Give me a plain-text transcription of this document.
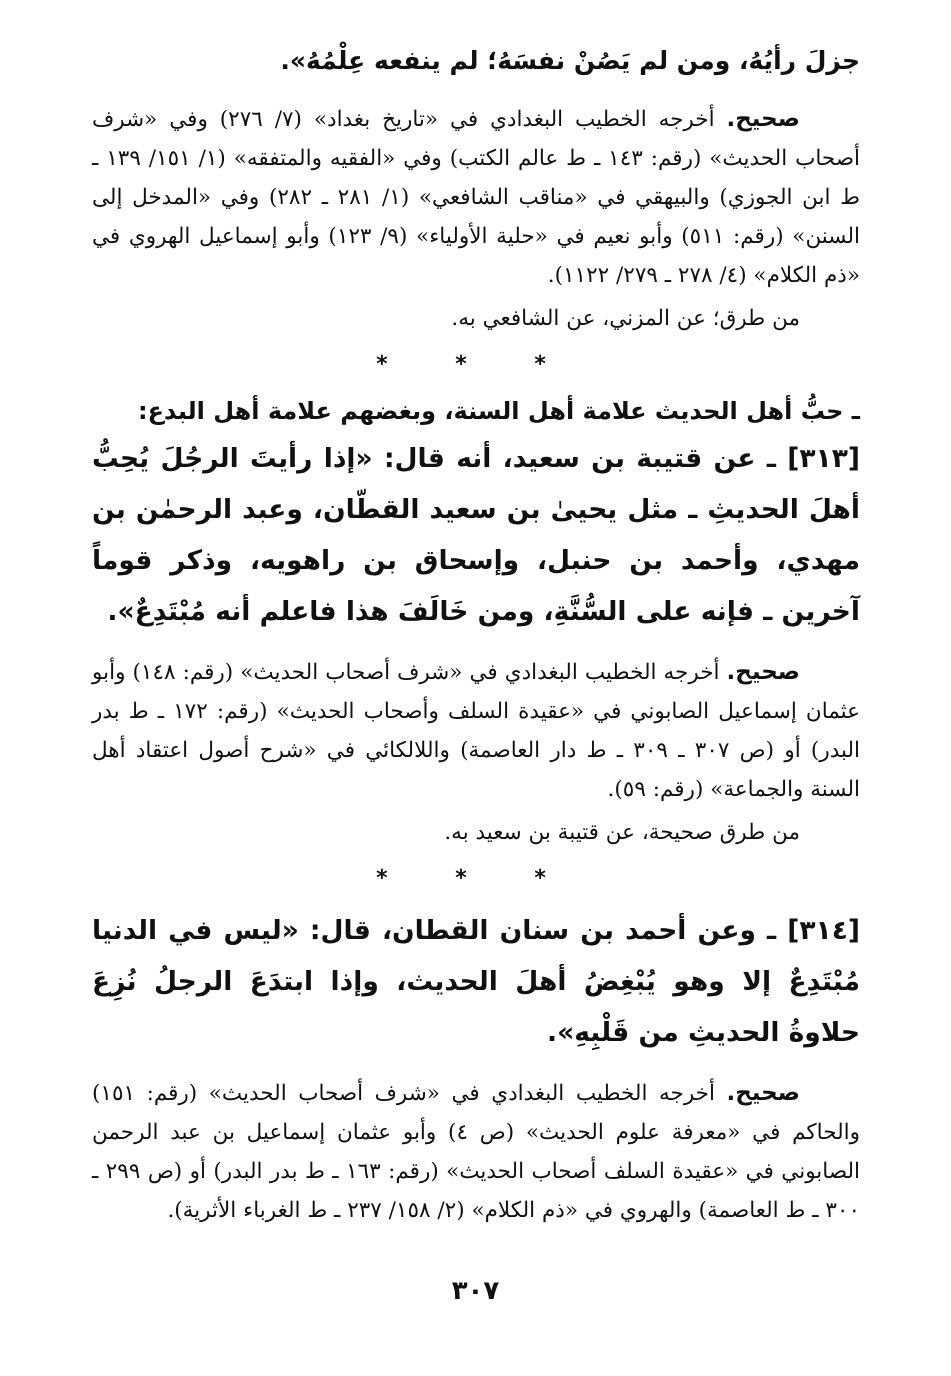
جزلَ رأيُهُ، ومن لم يَصُنْ نفسَهُ؛ لم ينفعه عِلْمُهُ».

صحيح. أخرجه الخطيب البغدادي في «تاريخ بغداد» (٧/ ٢٧٦) وفي «شرف أصحاب الحديث» (رقم: ١٤٣ ـ ط عالم الكتب) وفي «الفقيه والمتفقه» (١/ ١٥١/ ١٣٩ ـ ط ابن الجوزي) والبيهقي في «مناقب الشافعي» (١/ ٢٨١ ـ ٢٨٢) وفي «المدخل إلى السنن» (رقم: ٥١١) وأبو نعيم في «حلية الأولياء» (٩/ ١٢٣) وأبو إسماعيل الهروي في «ذم الكلام» (٤/ ٢٧٨ ـ ٢٧٩/ ١١٢٢).

من طرق؛ عن المزني، عن الشافعي به.

* * *

ـ حبُّ أهل الحديث علامة أهل السنة، وبغضهم علامة أهل البدع:

[٣١٣] ـ عن قتيبة بن سعيد، أنه قال: «إذا رأيتَ الرجُلَ يُحِبُّ أهلَ الحديثِ ـ مثل يحيىٰ بن سعيد القطّان، وعبد الرحمٰن بن مهدي، وأحمد بن حنبل، وإسحاق بن راهويه، وذكر قوماً آخرين ـ فإنه على السُّنَّةِ، ومن خَالَفَ هذا فاعلم أنه مُبْتَدِعٌ».

صحيح. أخرجه الخطيب البغدادي في «شرف أصحاب الحديث» (رقم: ١٤٨) وأبو عثمان إسماعيل الصابوني في «عقيدة السلف وأصحاب الحديث» (رقم: ١٧٢ ـ ط بدر البدر) أو (ص ٣٠٧ ـ ٣٠٩ ـ ط دار العاصمة) واللالكائي في «شرح أصول اعتقاد أهل السنة والجماعة» (رقم: ٥٩).

من طرق صحيحة، عن قتيبة بن سعيد به.

* * *

[٣١٤] ـ وعن أحمد بن سنان القطان، قال: «ليس في الدنيا مُبْتَدِعٌ إلا وهو يُبْغِضُ أهلَ الحديث، وإذا ابتدَعَ الرجلُ نُزِعَ حلاوةُ الحديثِ من قَلْبِهِ».

صحيح. أخرجه الخطيب البغدادي في «شرف أصحاب الحديث» (رقم: ١٥١) والحاكم في «معرفة علوم الحديث» (ص ٤) وأبو عثمان إسماعيل بن عبد الرحمن الصابوني في «عقيدة السلف أصحاب الحديث» (رقم: ١٦٣ ـ ط بدر البدر) أو (ص ٢٩٩ ـ ٣٠٠ ـ ط العاصمة) والهروي في «ذم الكلام» (٢/ ١٥٨/ ٢٣٧ ـ ط الغرباء الأثرية).

٣٠٧
